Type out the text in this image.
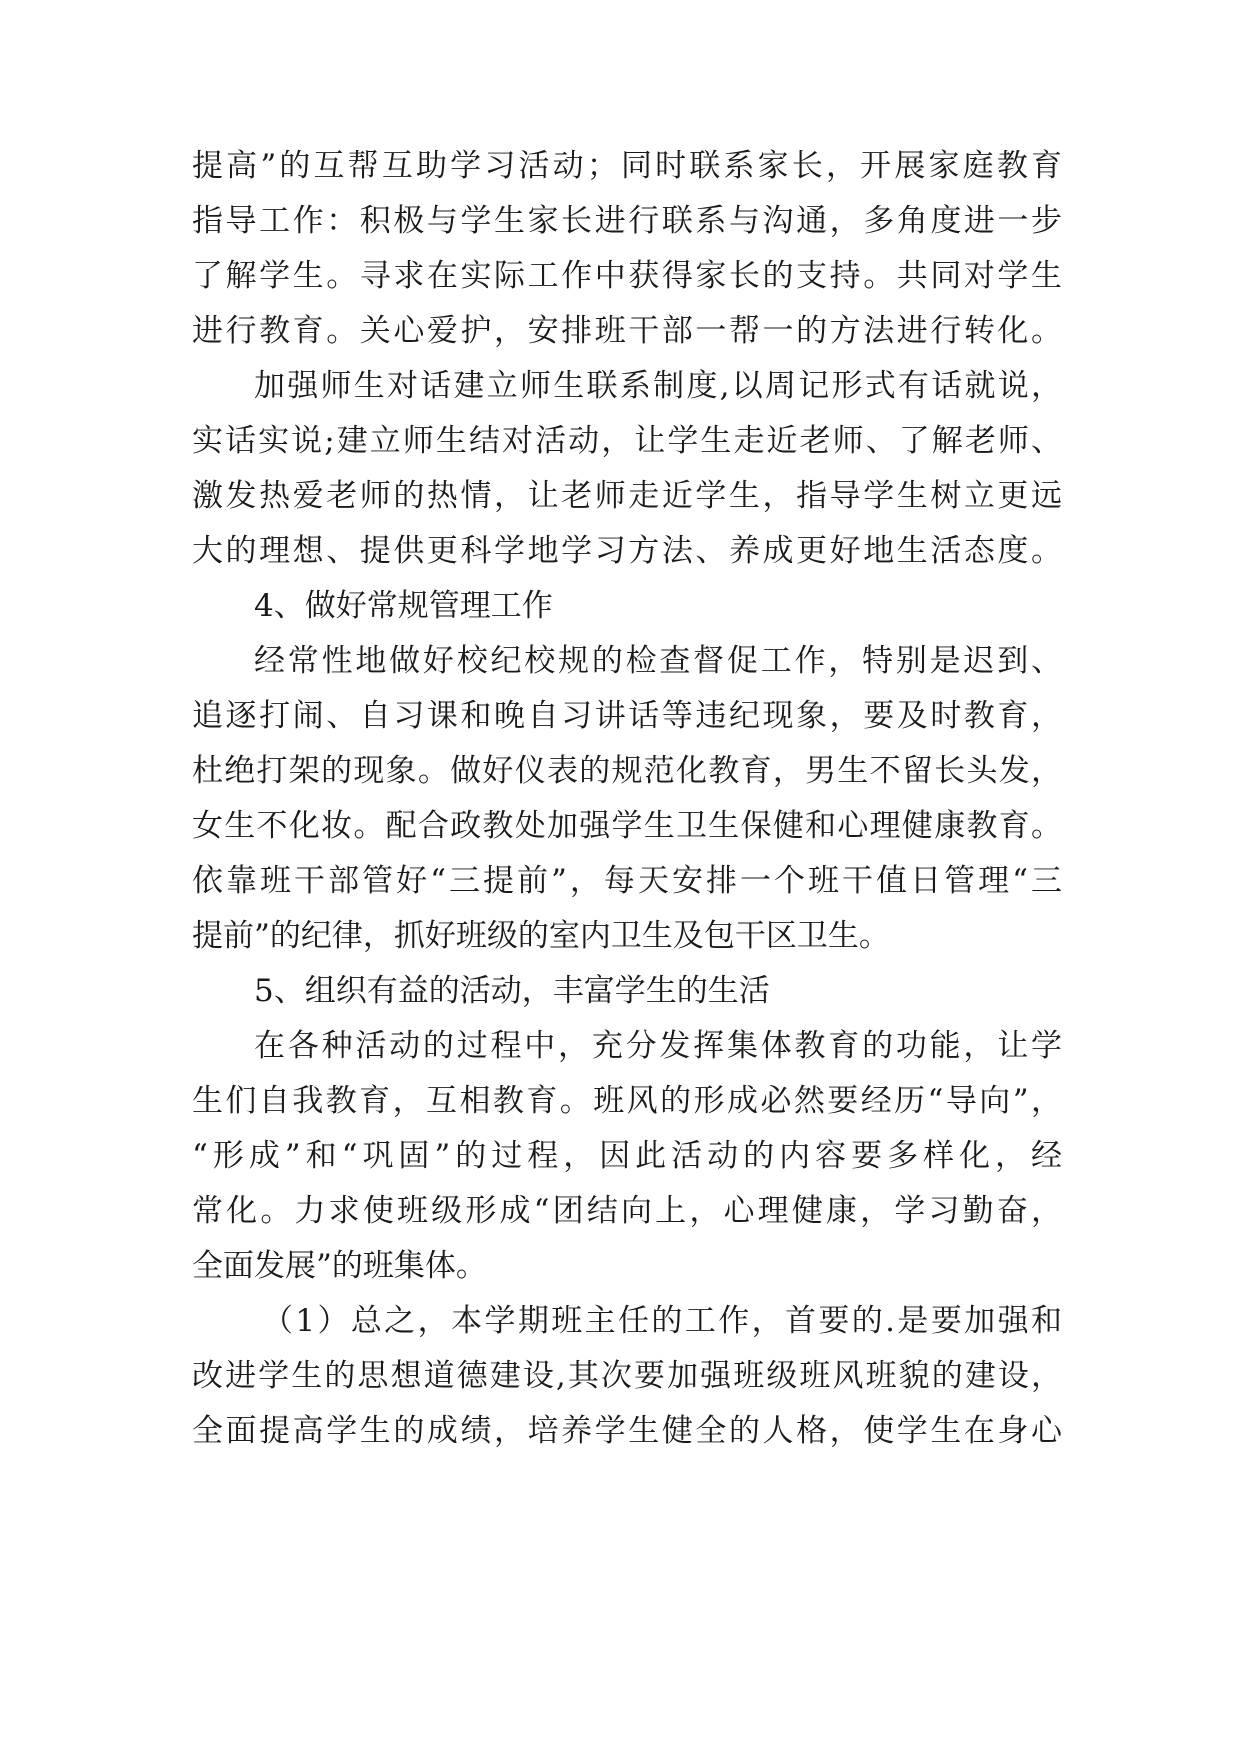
提高”的互帮互助学习活动；同时联系家长，开展家庭教育
指导工作：积极与学生家长进行联系与沟通，多角度进一步
了解学生。寻求在实际工作中获得家长的支持。共同对学生
进行教育。关心爱护，安排班干部一帮一的方法进行转化。
加强师生对话建立师生联系制度,以周记形式有话就说，
实话实说;建立师生结对活动，让学生走近老师、了解老师、
激发热爱老师的热情，让老师走近学生，指导学生树立更远
大的理想、提供更科学地学习方法、养成更好地生活态度。
4、做好常规管理工作
经常性地做好校纪校规的检查督促工作，特别是迟到、
追逐打闹、自习课和晚自习讲话等违纪现象，要及时教育，
杜绝打架的现象。做好仪表的规范化教育，男生不留长头发，
女生不化妆。配合政教处加强学生卫生保健和心理健康教育。
依靠班干部管好“三提前”，每天安排一个班干值日管理“三
提前”的纪律，抓好班级的室内卫生及包干区卫生。
5、组织有益的活动，丰富学生的生活
在各种活动的过程中，充分发挥集体教育的功能，让学
生们自我教育，互相教育。班风的形成必然要经历“导向”，
“形成”和“巩固”的过程，因此活动的内容要多样化，经
常化。力求使班级形成“团结向上，心理健康，学习勤奋，
全面发展”的班集体。
（1）总之，本学期班主任的工作，首要的.是要加强和
改进学生的思想道德建设,其次要加强班级班风班貌的建设，
全面提高学生的成绩，培养学生健全的人格，使学生在身心
